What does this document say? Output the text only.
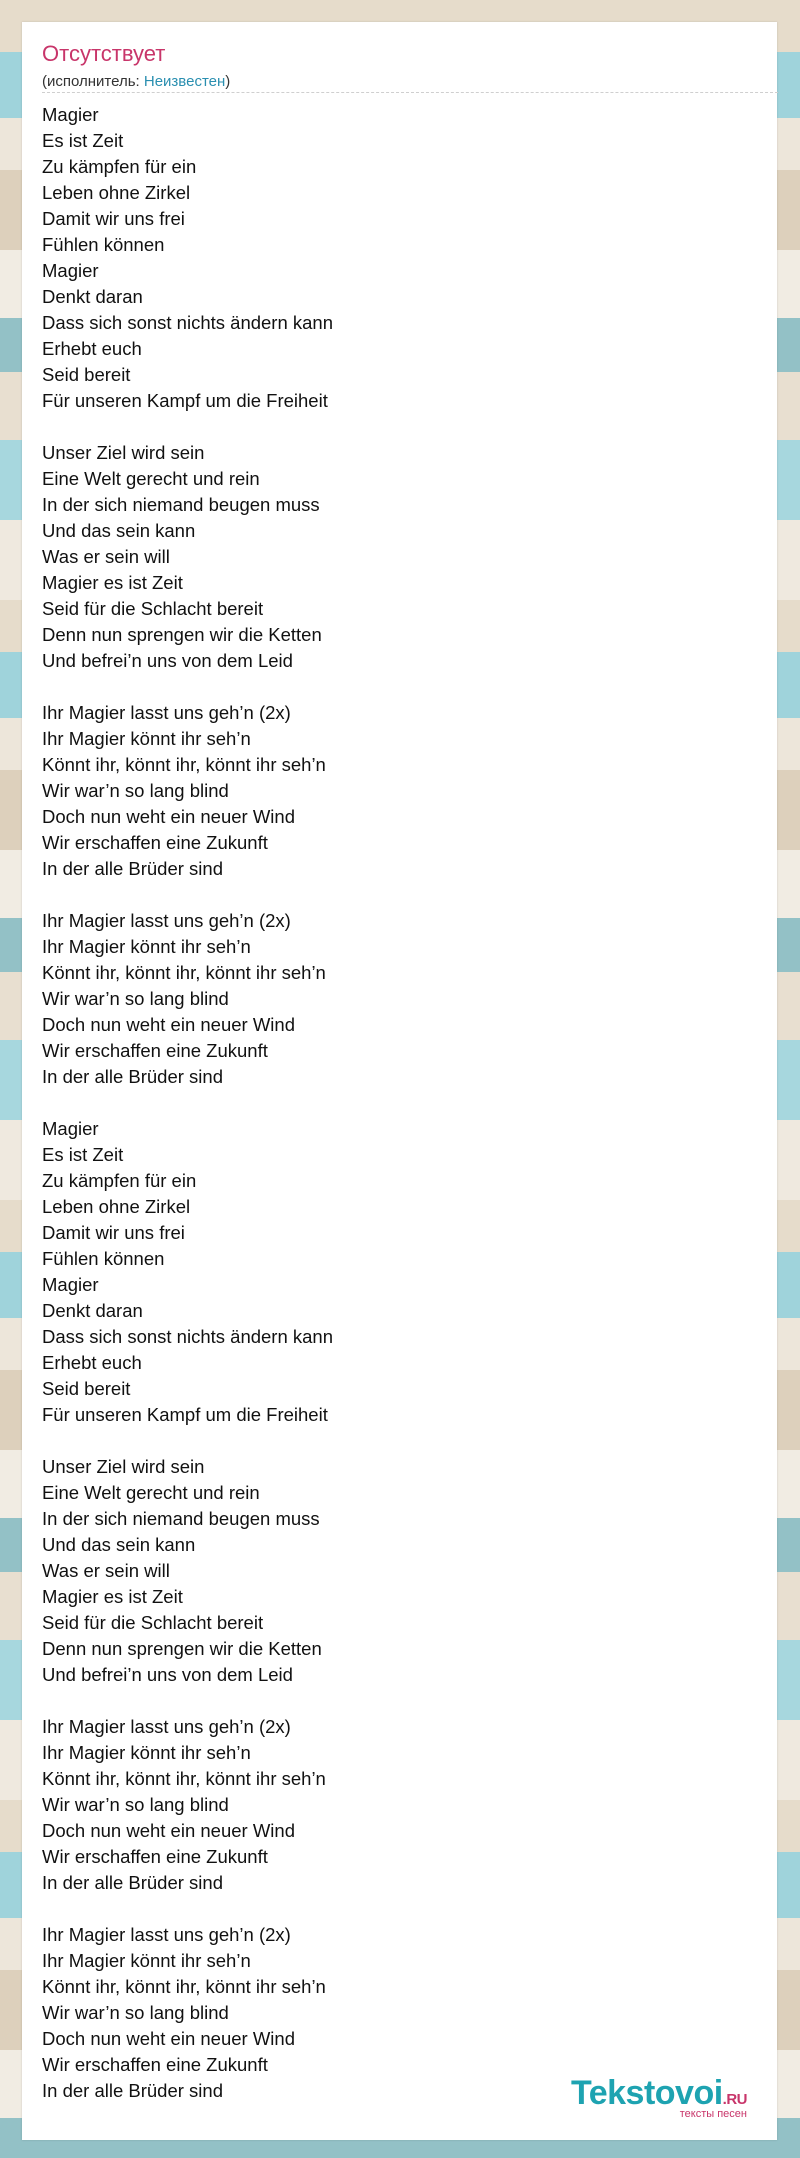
Отсутствует
(исполнитель: Неизвестен)
Magier
Es ist Zeit
Zu kämpfen für ein
Leben ohne Zirkel
Damit wir uns frei
Fühlen können
Magier
Denkt daran
Dass sich sonst nichts ändern kann
Erhebt euch
Seid bereit
Für unseren Kampf um die Freiheit
Unser Ziel wird sein
Eine Welt gerecht und rein
In der sich niemand beugen muss
Und das sein kann
Was er sein will
Magier es ist Zeit
Seid für die Schlacht bereit
Denn nun sprengen wir die Ketten
Und befrei’n uns von dem Leid
Ihr Magier lasst uns geh’n (2x)
Ihr Magier könnt ihr seh’n
Könnt ihr, könnt ihr, könnt ihr seh’n
Wir war’n so lang blind
Doch nun weht ein neuer Wind
Wir erschaffen eine Zukunft
In der alle Brüder sind
Ihr Magier lasst uns geh’n (2x)
Ihr Magier könnt ihr seh’n
Könnt ihr, könnt ihr, könnt ihr seh’n
Wir war’n so lang blind
Doch nun weht ein neuer Wind
Wir erschaffen eine Zukunft
In der alle Brüder sind
Magier
Es ist Zeit
Zu kämpfen für ein
Leben ohne Zirkel
Damit wir uns frei
Fühlen können
Magier
Denkt daran
Dass sich sonst nichts ändern kann
Erhebt euch
Seid bereit
Für unseren Kampf um die Freiheit
Unser Ziel wird sein
Eine Welt gerecht und rein
In der sich niemand beugen muss
Und das sein kann
Was er sein will
Magier es ist Zeit
Seid für die Schlacht bereit
Denn nun sprengen wir die Ketten
Und befrei’n uns von dem Leid
Ihr Magier lasst uns geh’n (2x)
Ihr Magier könnt ihr seh’n
Könnt ihr, könnt ihr, könnt ihr seh’n
Wir war’n so lang blind
Doch nun weht ein neuer Wind
Wir erschaffen eine Zukunft
In der alle Brüder sind
Ihr Magier lasst uns geh’n (2x)
Ihr Magier könnt ihr seh’n
Könnt ihr, könnt ihr, könnt ihr seh’n
Wir war’n so lang blind
Doch nun weht ein neuer Wind
Wir erschaffen eine Zukunft
In der alle Brüder sind	Tekstovoi.RU
тексты песен
